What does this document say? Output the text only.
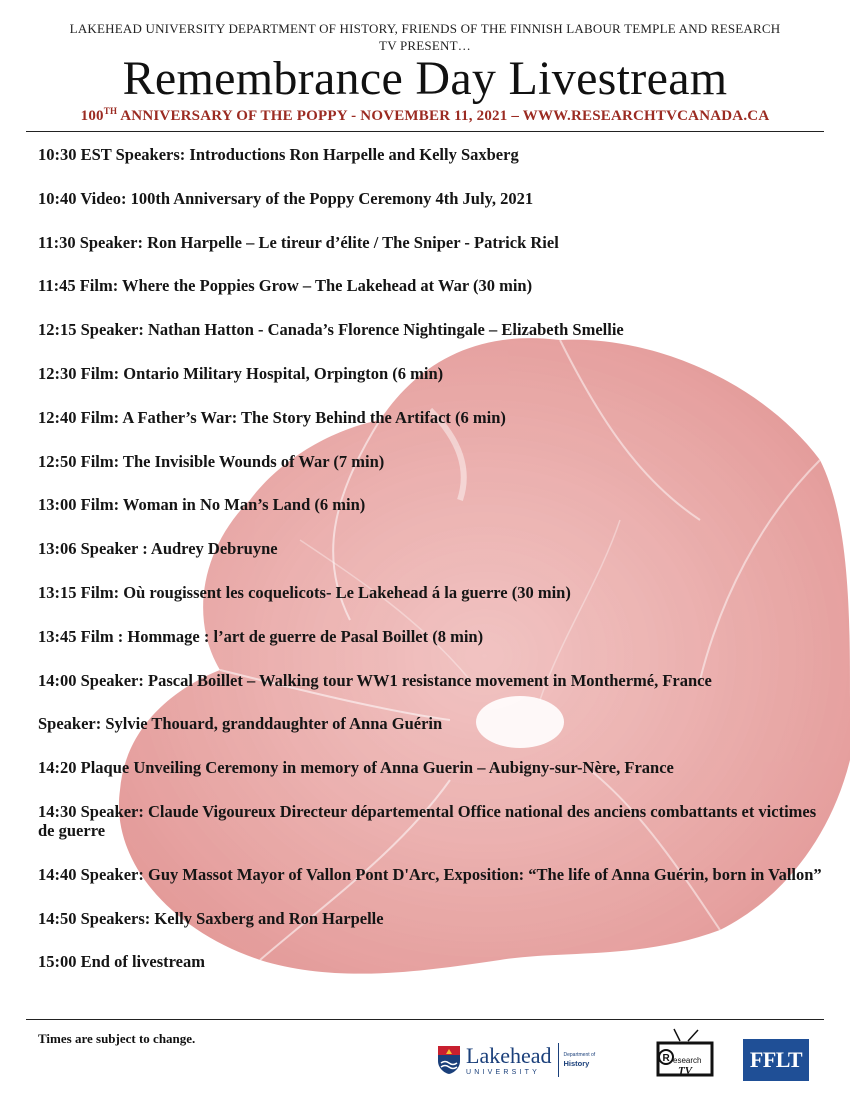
LAKEHEAD UNIVERSITY DEPARTMENT OF HISTORY, FRIENDS OF THE FINNISH LABOUR TEMPLE AND RESEARCH TV PRESENT…
Remembrance Day Livestream
100TH ANNIVERSARY OF THE POPPY - NOVEMBER 11, 2021 – WWW.RESEARCHTVCANADA.CA
10:30 EST Speakers: Introductions Ron Harpelle and Kelly Saxberg
10:40 Video: 100th Anniversary of the Poppy Ceremony 4th July, 2021
11:30 Speaker: Ron Harpelle – Le tireur d’élite / The Sniper - Patrick Riel
11:45 Film: Where the Poppies Grow – The Lakehead at War (30 min)
12:15 Speaker: Nathan Hatton - Canada’s Florence Nightingale – Elizabeth Smellie
12:30 Film: Ontario Military Hospital, Orpington (6 min)
12:40 Film: A Father’s War: The Story Behind the Artifact (6 min)
12:50 Film: The Invisible Wounds of War (7 min)
13:00 Film: Woman in No Man’s Land (6 min)
13:06 Speaker : Audrey Debruyne
13:15 Film: Où rougissent les coquelicots- Le Lakehead á la guerre (30 min)
13:45 Film : Hommage : l’art de guerre de Pasal Boillet (8 min)
14:00 Speaker: Pascal Boillet – Walking tour WW1 resistance movement in Monthermé, France
Speaker: Sylvie Thouard, granddaughter of Anna Guérin
14:20 Plaque Unveiling Ceremony in memory of Anna Guerin – Aubigny-sur-Nère, France
14:30 Speaker: Claude Vigoureux Directeur départemental Office national des anciens combattants et victimes de guerre
14:40 Speaker: Guy Massot Mayor of Vallon Pont D'Arc, Exposition: “The life of Anna Guérin, born in Vallon”
14:50 Speakers: Kelly Saxberg and Ron Harpelle
15:00 End of livestream
Times are subject to change.
Lakehead
UNIVERSITY
Department of
History	R esearch
TV	FFLT
